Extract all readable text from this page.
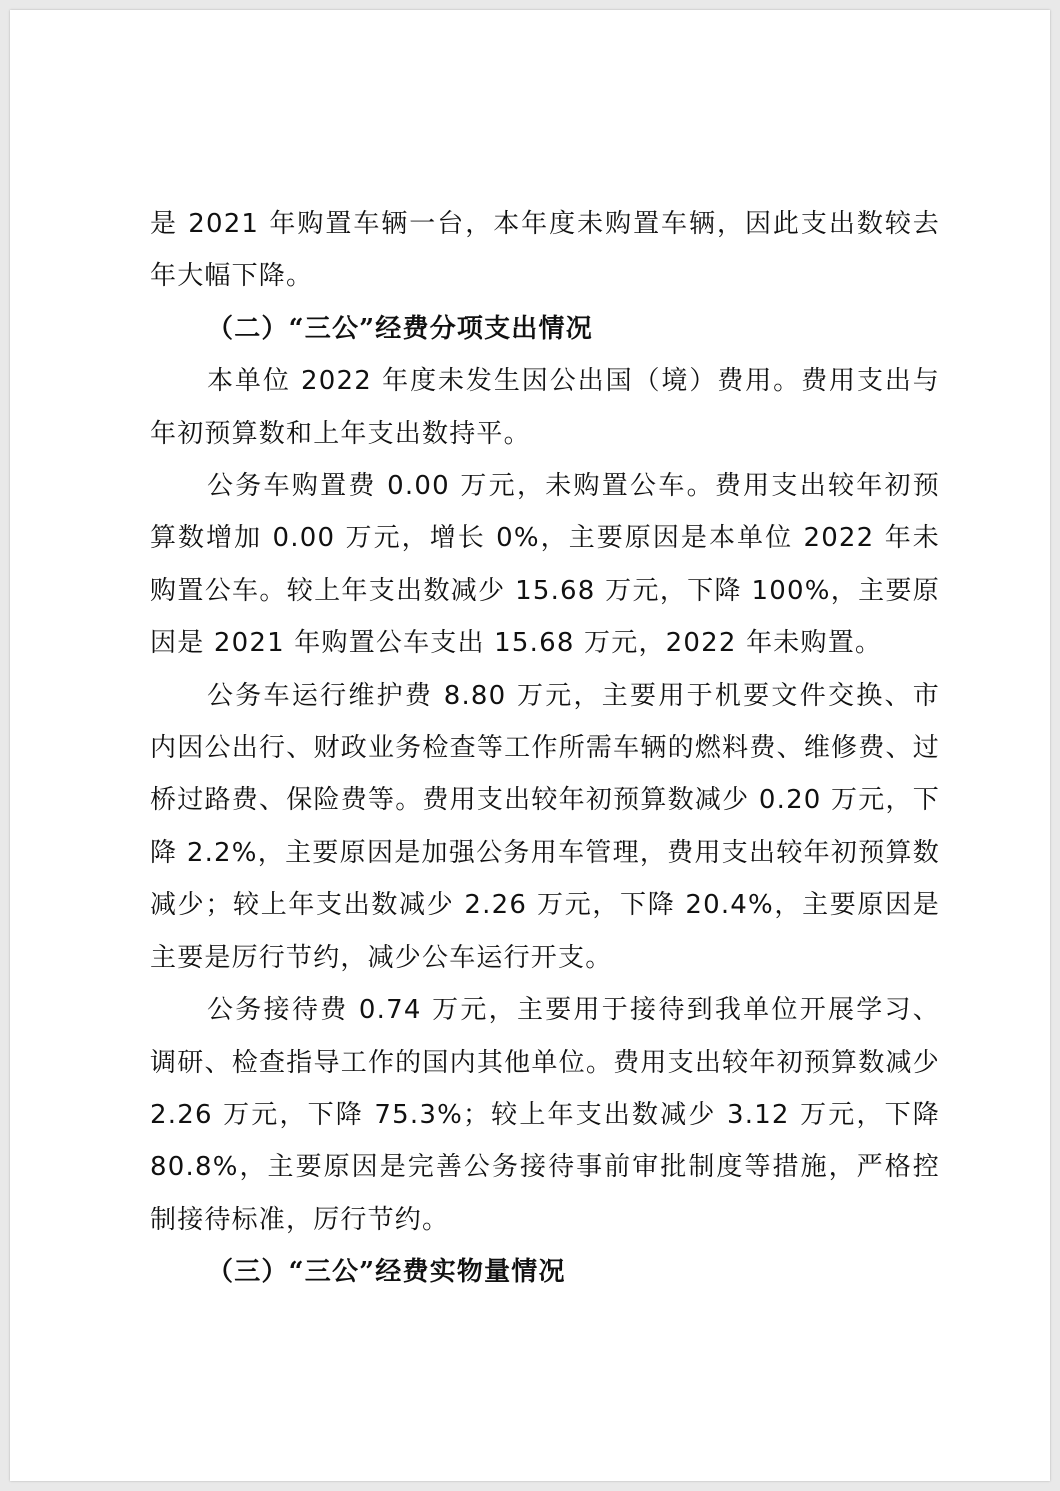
是 2021 年购置车辆一台，本年度未购置车辆，因此支出数较去年大幅下降。

（二）“三公”经费分项支出情况

本单位 2022 年度未发生因公出国（境）费用。费用支出与年初预算数和上年支出数持平。

公务车购置费 0.00 万元，未购置公车。费用支出较年初预算数增加 0.00 万元，增长 0%，主要原因是本单位 2022 年未购置公车。较上年支出数减少 15.68 万元，下降 100%，主要原因是 2021 年购置公车支出 15.68 万元，2022 年未购置。

公务车运行维护费 8.80 万元，主要用于机要文件交换、市内因公出行、财政业务检查等工作所需车辆的燃料费、维修费、过桥过路费、保险费等。费用支出较年初预算数减少 0.20 万元，下降 2.2%，主要原因是加强公务用车管理，费用支出较年初预算数减少；较上年支出数减少 2.26 万元，下降 20.4%，主要原因是主要是厉行节约，减少公车运行开支。

公务接待费 0.74 万元，主要用于接待到我单位开展学习、调研、检查指导工作的国内其他单位。费用支出较年初预算数减少 2.26 万元，下降 75.3%；较上年支出数减少 3.12 万元，下降 80.8%，主要原因是完善公务接待事前审批制度等措施，严格控制接待标准，厉行节约。

（三）“三公”经费实物量情况
